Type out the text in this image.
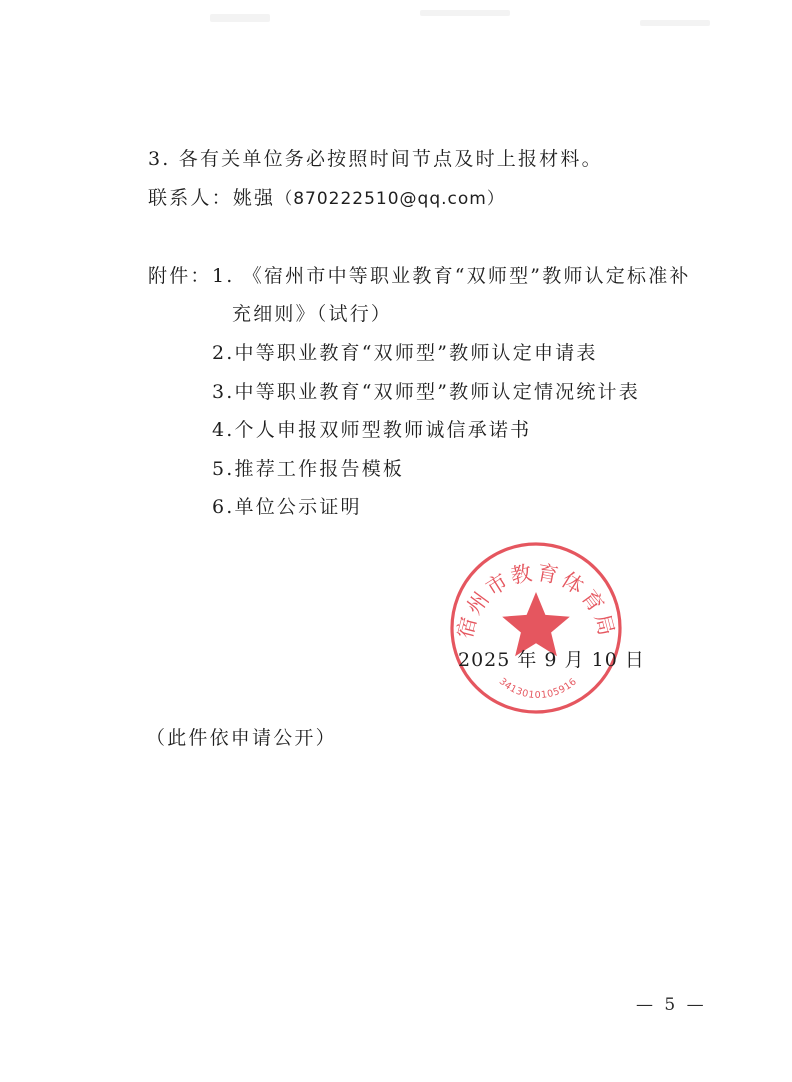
3. 各有关单位务必按照时间节点及时上报材料。
联系人：姚强（870222510@qq.com）
附件： 1. 《宿州市中等职业教育“双师型”教师认定标准补
充细则》（试行）
2.中等职业教育“双师型”教师认定申请表
3.中等职业教育“双师型”教师认定情况统计表
4.个人申报双师型教师诚信承诺书
5.推荐工作报告模板
6.单位公示证明
宿州市教育体育局
3413010105916
2025 年 9 月 10 日
（此件依申请公开）
— 5 —
